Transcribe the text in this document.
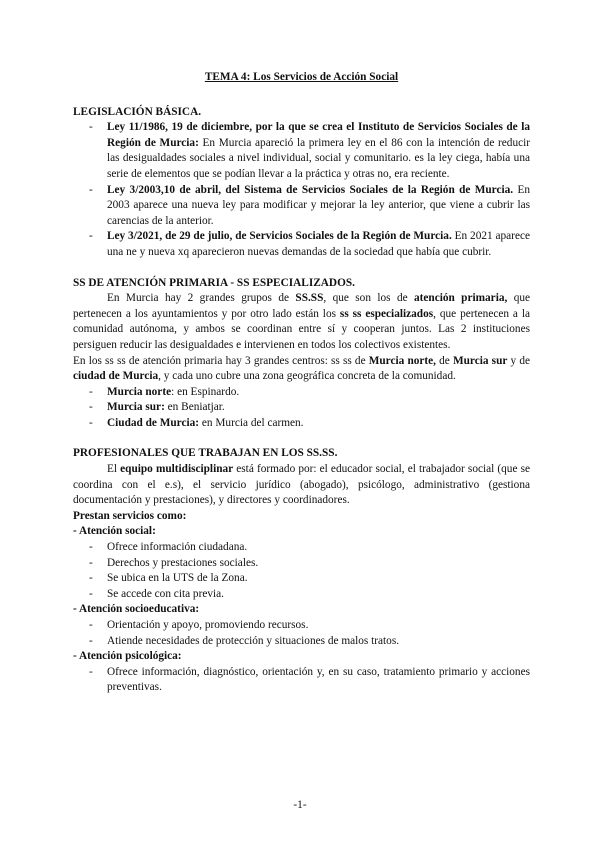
TEMA 4: Los Servicios de Acción Social
LEGISLACIÓN BÁSICA.
- Ley 11/1986, 19 de diciembre, por la que se crea el Instituto de Servicios Sociales de la Región de Murcia: En Murcia apareció la primera ley en el 86 con la intención de reducir las desigualdades sociales a nivel individual, social y comunitario. es la ley ciega, había una serie de elementos que se podían llevar a la práctica y otras no, era reciente.
- Ley 3/2003,10 de abril, del Sistema de Servicios Sociales de la Región de Murcia. En 2003 aparece una nueva ley para modificar y mejorar la ley anterior, que viene a cubrir las carencias de la anterior.
- Ley 3/2021, de 29 de julio, de Servicios Sociales de la Región de Murcia. En 2021 aparece una ne y nueva xq aparecieron nuevas demandas de la sociedad que había que cubrir.
SS DE ATENCIÓN PRIMARIA - SS ESPECIALIZADOS.
En Murcia hay 2 grandes grupos de SS.SS, que son los de atención primaria, que pertenecen a los ayuntamientos y por otro lado están los ss ss especializados, que pertenecen a la comunidad autónoma, y ambos se coordinan entre sí y cooperan juntos. Las 2 instituciones persiguen reducir las desigualdades e intervienen en todos los colectivos existentes.
En los ss ss de atención primaria hay 3 grandes centros: ss ss de Murcia norte, de Murcia sur y de ciudad de Murcia, y cada uno cubre una zona geográfica concreta de la comunidad.
- Murcia norte: en Espinardo.
- Murcia sur: en Beniatjar.
- Ciudad de Murcia: en Murcia del carmen.
PROFESIONALES QUE TRABAJAN EN LOS SS.SS.
El equipo multidisciplinar está formado por: el educador social, el trabajador social (que se coordina con el e.s), el servicio jurídico (abogado), psicólogo, administrativo (gestiona documentación y prestaciones), y directores y coordinadores.
Prestan servicios como:
- Atención social:
- Ofrece información ciudadana.
- Derechos y prestaciones sociales.
- Se ubica en la UTS de la Zona.
- Se accede con cita previa.
- Atención socioeducativa:
- Orientación y apoyo, promoviendo recursos.
- Atiende necesidades de protección y situaciones de malos tratos.
- Atención psicológica:
- Ofrece información, diagnóstico, orientación y, en su caso, tratamiento primario y acciones preventivas.
-1-
